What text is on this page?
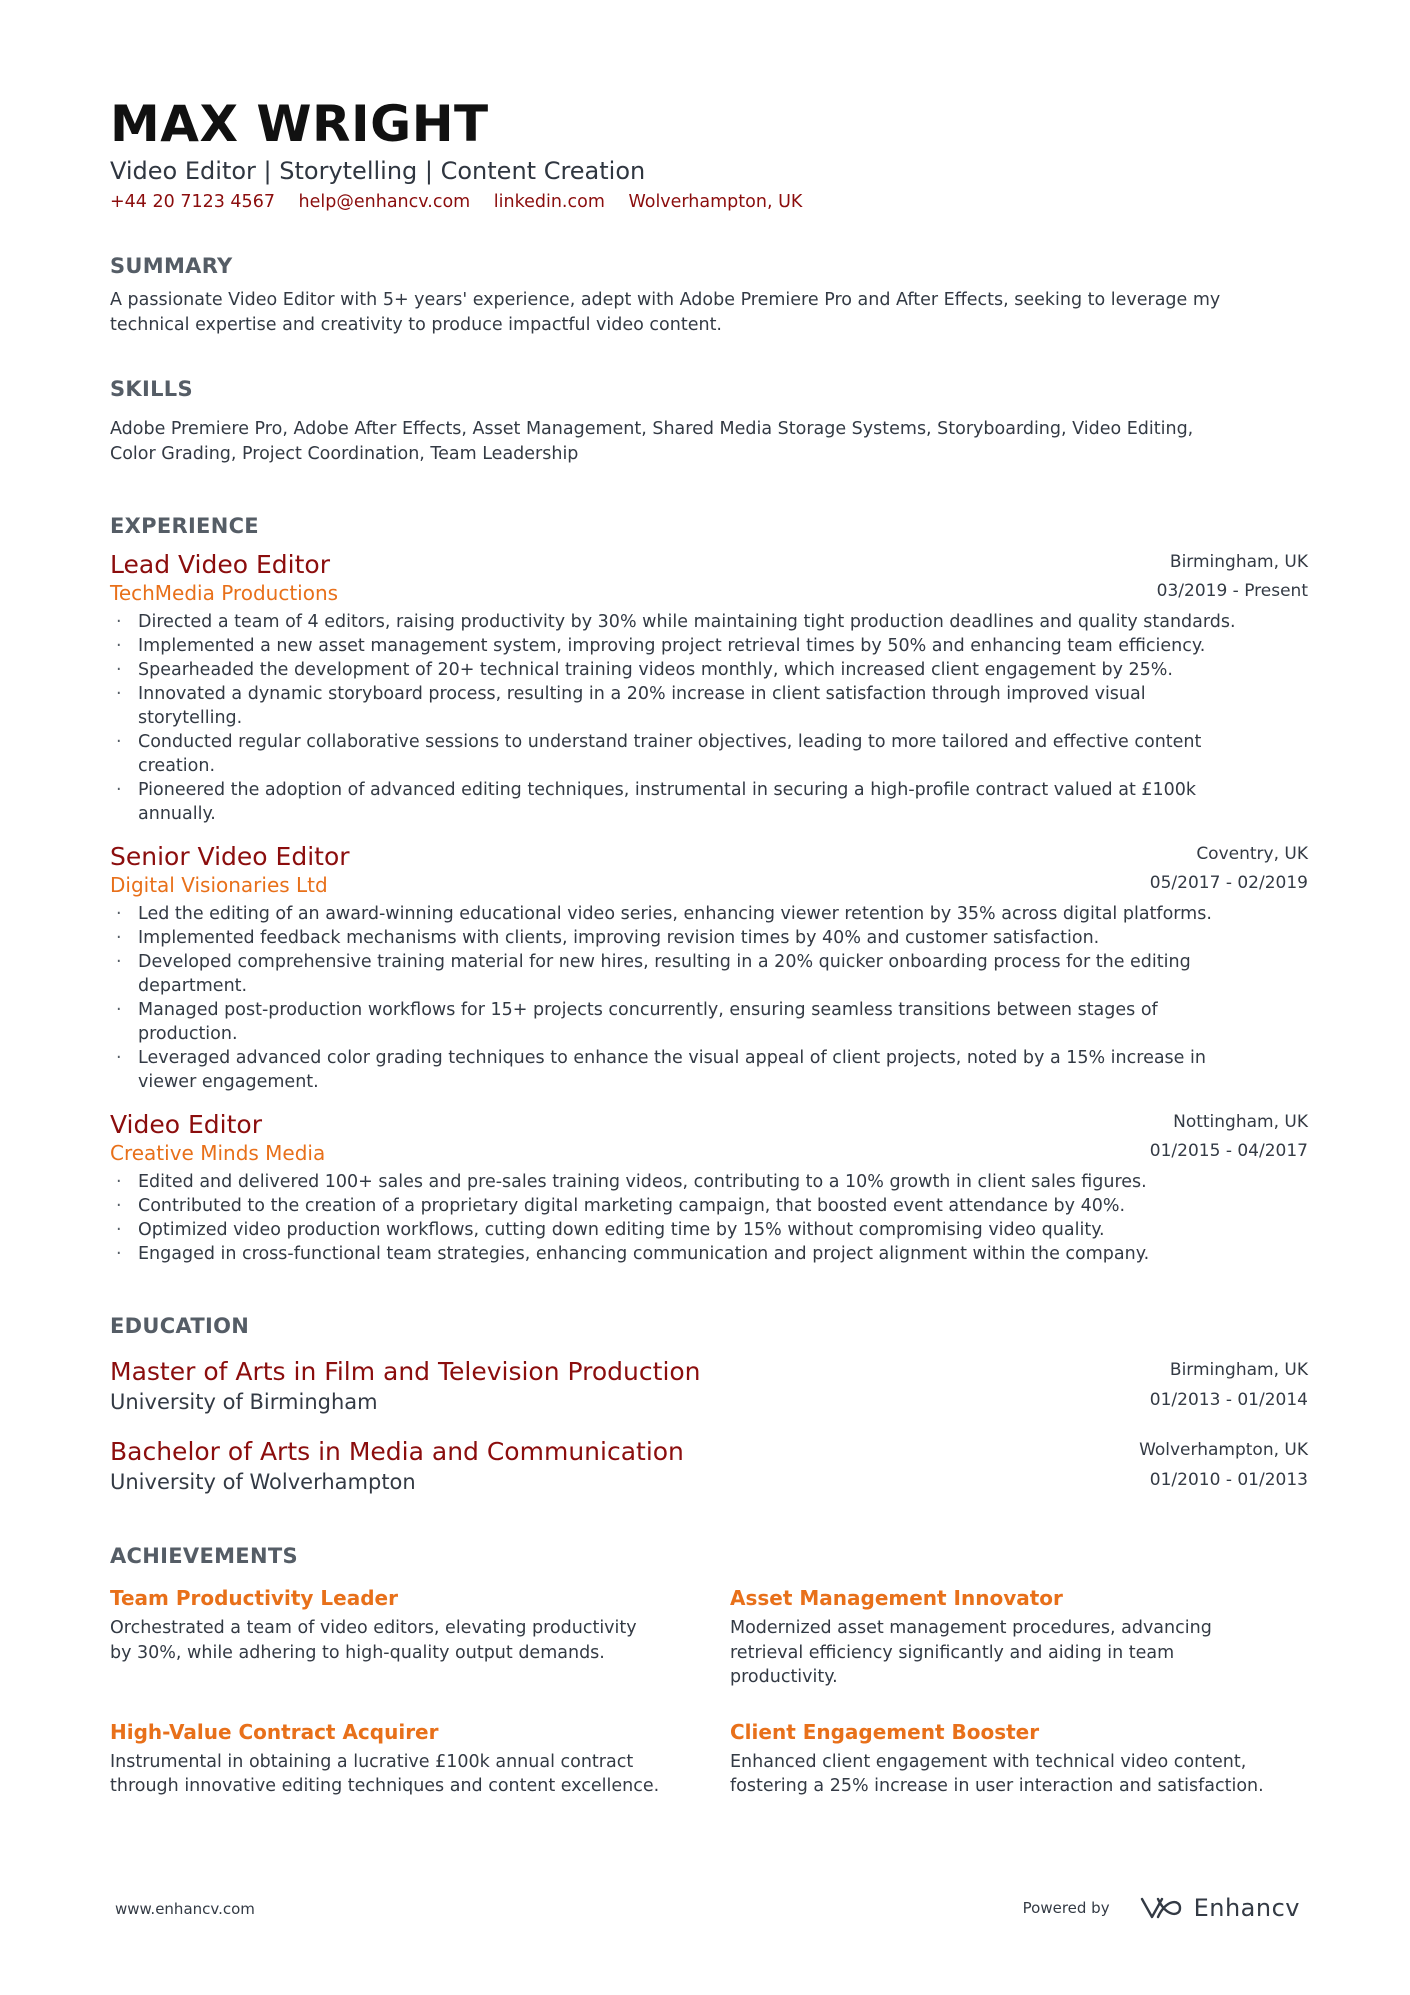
MAX WRIGHT
Video Editor | Storytelling | Content Creation
+44 20 7123 4567 help@enhancv.com linkedin.com Wolverhampton, UK
SUMMARY
A passionate Video Editor with 5+ years' experience, adept with Adobe Premiere Pro and After Effects, seeking to leverage my
technical expertise and creativity to produce impactful video content.
SKILLS
Adobe Premiere Pro, Adobe After Effects, Asset Management, Shared Media Storage Systems, Storyboarding, Video Editing,
Color Grading, Project Coordination, Team Leadership
EXPERIENCE
Lead Video Editor
TechMedia Productions
Birmingham, UK
03/2019 - Present
· Directed a team of 4 editors, raising productivity by 30% while maintaining tight production deadlines and quality standards.
· Implemented a new asset management system, improving project retrieval times by 50% and enhancing team efficiency.
· Spearheaded the development of 20+ technical training videos monthly, which increased client engagement by 25%.
· Innovated a dynamic storyboard process, resulting in a 20% increase in client satisfaction through improved visual
storytelling.
· Conducted regular collaborative sessions to understand trainer objectives, leading to more tailored and effective content
creation.
· Pioneered the adoption of advanced editing techniques, instrumental in securing a high-profile contract valued at £100k
annually.
Senior Video Editor
Digital Visionaries Ltd
Coventry, UK
05/2017 - 02/2019
· Led the editing of an award-winning educational video series, enhancing viewer retention by 35% across digital platforms.
· Implemented feedback mechanisms with clients, improving revision times by 40% and customer satisfaction.
· Developed comprehensive training material for new hires, resulting in a 20% quicker onboarding process for the editing
department.
· Managed post-production workflows for 15+ projects concurrently, ensuring seamless transitions between stages of
production.
· Leveraged advanced color grading techniques to enhance the visual appeal of client projects, noted by a 15% increase in
viewer engagement.
Video Editor
Creative Minds Media
Nottingham, UK
01/2015 - 04/2017
· Edited and delivered 100+ sales and pre-sales training videos, contributing to a 10% growth in client sales figures.
· Contributed to the creation of a proprietary digital marketing campaign, that boosted event attendance by 40%.
· Optimized video production workflows, cutting down editing time by 15% without compromising video quality.
· Engaged in cross-functional team strategies, enhancing communication and project alignment within the company.
EDUCATION
Master of Arts in Film and Television Production
University of Birmingham
Birmingham, UK
01/2013 - 01/2014
Bachelor of Arts in Media and Communication
University of Wolverhampton
Wolverhampton, UK
01/2010 - 01/2013
ACHIEVEMENTS
Team Productivity Leader
Orchestrated a team of video editors, elevating productivity
by 30%, while adhering to high-quality output demands.
Asset Management Innovator
Modernized asset management procedures, advancing
retrieval efficiency significantly and aiding in team
productivity.
High-Value Contract Acquirer
Instrumental in obtaining a lucrative £100k annual contract
through innovative editing techniques and content excellence.
Client Engagement Booster
Enhanced client engagement with technical video content,
fostering a 25% increase in user interaction and satisfaction.
www.enhancv.com	Powered by	Enhancv
